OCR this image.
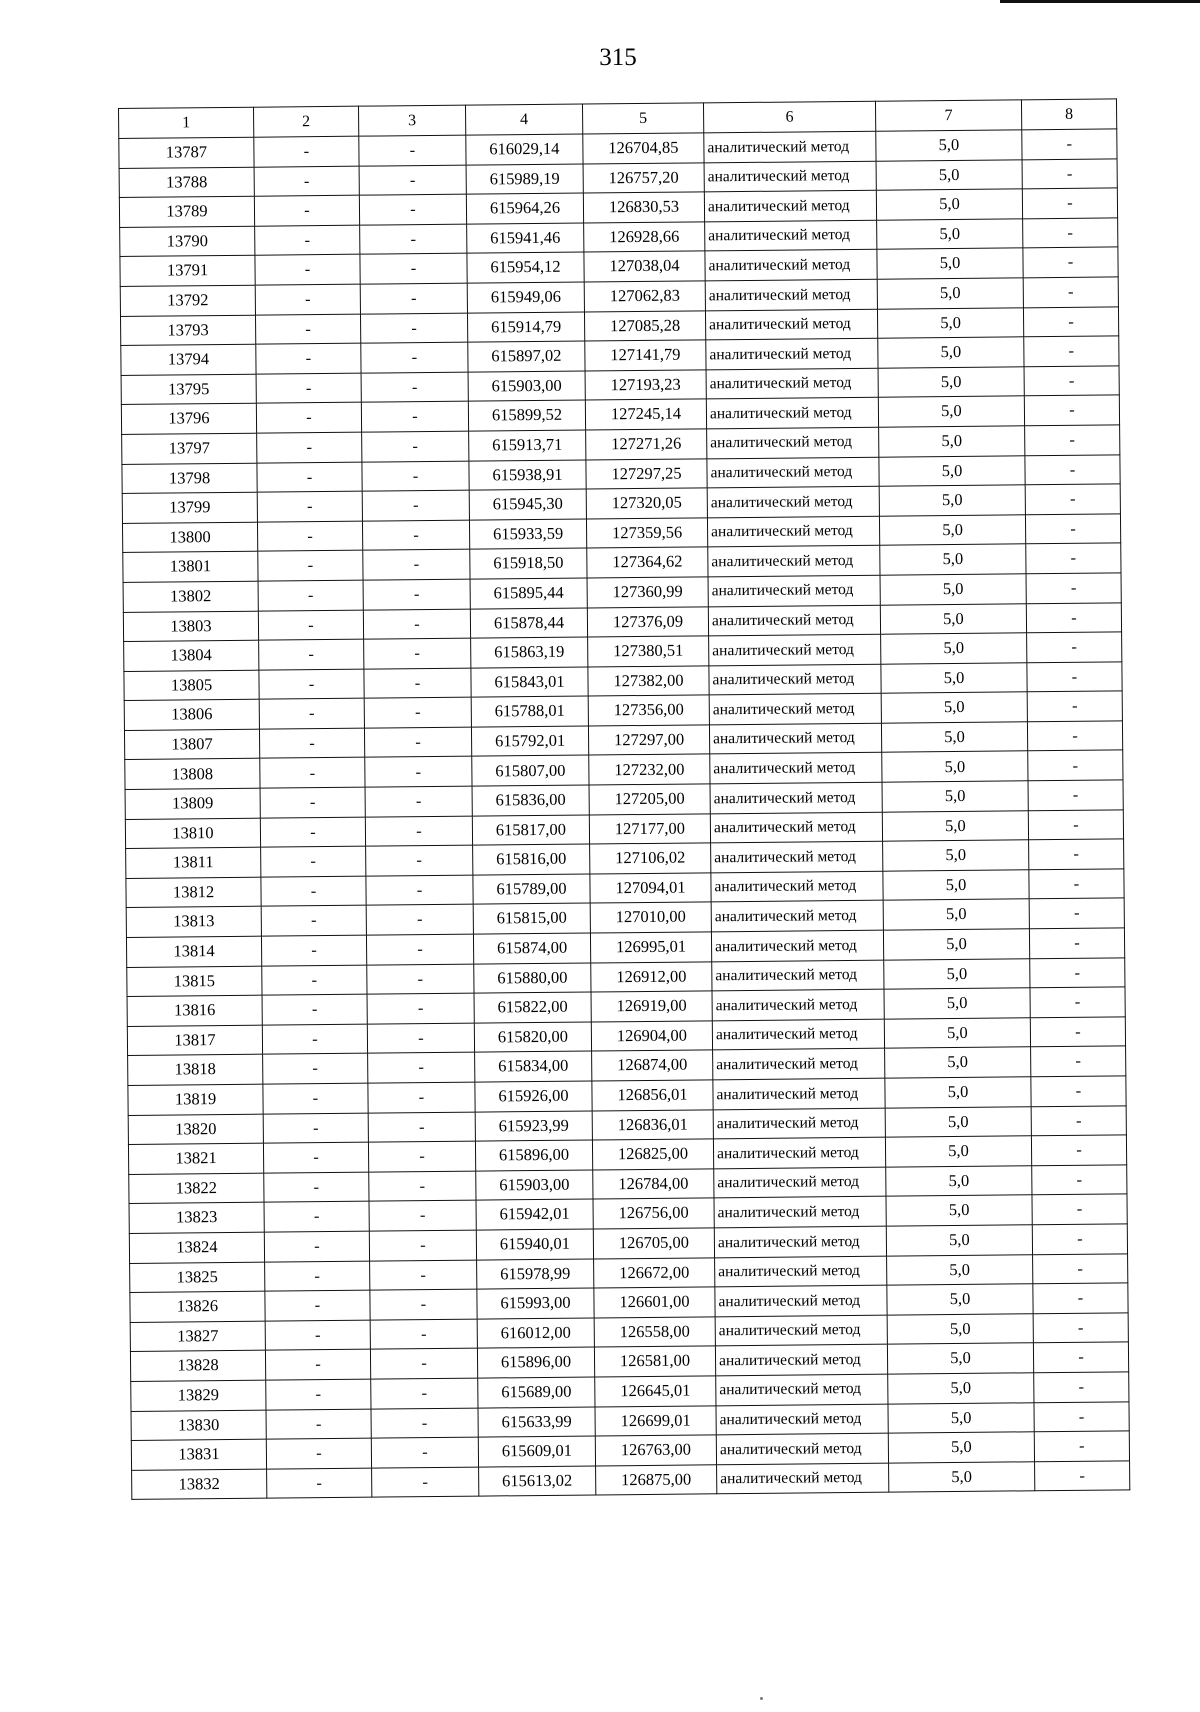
315
1	2	3	4	5	6	7	8
13787	-	-	616029,14	126704,85	аналитический метод	5,0	-
13788	-	-	615989,19	126757,20	аналитический метод	5,0	-
13789	-	-	615964,26	126830,53	аналитический метод	5,0	-
13790	-	-	615941,46	126928,66	аналитический метод	5,0	-
13791	-	-	615954,12	127038,04	аналитический метод	5,0	-
13792	-	-	615949,06	127062,83	аналитический метод	5,0	-
13793	-	-	615914,79	127085,28	аналитический метод	5,0	-
13794	-	-	615897,02	127141,79	аналитический метод	5,0	-
13795	-	-	615903,00	127193,23	аналитический метод	5,0	-
13796	-	-	615899,52	127245,14	аналитический метод	5,0	-
13797	-	-	615913,71	127271,26	аналитический метод	5,0	-
13798	-	-	615938,91	127297,25	аналитический метод	5,0	-
13799	-	-	615945,30	127320,05	аналитический метод	5,0	-
13800	-	-	615933,59	127359,56	аналитический метод	5,0	-
13801	-	-	615918,50	127364,62	аналитический метод	5,0	-
13802	-	-	615895,44	127360,99	аналитический метод	5,0	-
13803	-	-	615878,44	127376,09	аналитический метод	5,0	-
13804	-	-	615863,19	127380,51	аналитический метод	5,0	-
13805	-	-	615843,01	127382,00	аналитический метод	5,0	-
13806	-	-	615788,01	127356,00	аналитический метод	5,0	-
13807	-	-	615792,01	127297,00	аналитический метод	5,0	-
13808	-	-	615807,00	127232,00	аналитический метод	5,0	-
13809	-	-	615836,00	127205,00	аналитический метод	5,0	-
13810	-	-	615817,00	127177,00	аналитический метод	5,0	-
13811	-	-	615816,00	127106,02	аналитический метод	5,0	-
13812	-	-	615789,00	127094,01	аналитический метод	5,0	-
13813	-	-	615815,00	127010,00	аналитический метод	5,0	-
13814	-	-	615874,00	126995,01	аналитический метод	5,0	-
13815	-	-	615880,00	126912,00	аналитический метод	5,0	-
13816	-	-	615822,00	126919,00	аналитический метод	5,0	-
13817	-	-	615820,00	126904,00	аналитический метод	5,0	-
13818	-	-	615834,00	126874,00	аналитический метод	5,0	-
13819	-	-	615926,00	126856,01	аналитический метод	5,0	-
13820	-	-	615923,99	126836,01	аналитический метод	5,0	-
13821	-	-	615896,00	126825,00	аналитический метод	5,0	-
13822	-	-	615903,00	126784,00	аналитический метод	5,0	-
13823	-	-	615942,01	126756,00	аналитический метод	5,0	-
13824	-	-	615940,01	126705,00	аналитический метод	5,0	-
13825	-	-	615978,99	126672,00	аналитический метод	5,0	-
13826	-	-	615993,00	126601,00	аналитический метод	5,0	-
13827	-	-	616012,00	126558,00	аналитический метод	5,0	-
13828	-	-	615896,00	126581,00	аналитический метод	5,0	-
13829	-	-	615689,00	126645,01	аналитический метод	5,0	-
13830	-	-	615633,99	126699,01	аналитический метод	5,0	-
13831	-	-	615609,01	126763,00	аналитический метод	5,0	-
13832	-	-	615613,02	126875,00	аналитический метод	5,0	-
